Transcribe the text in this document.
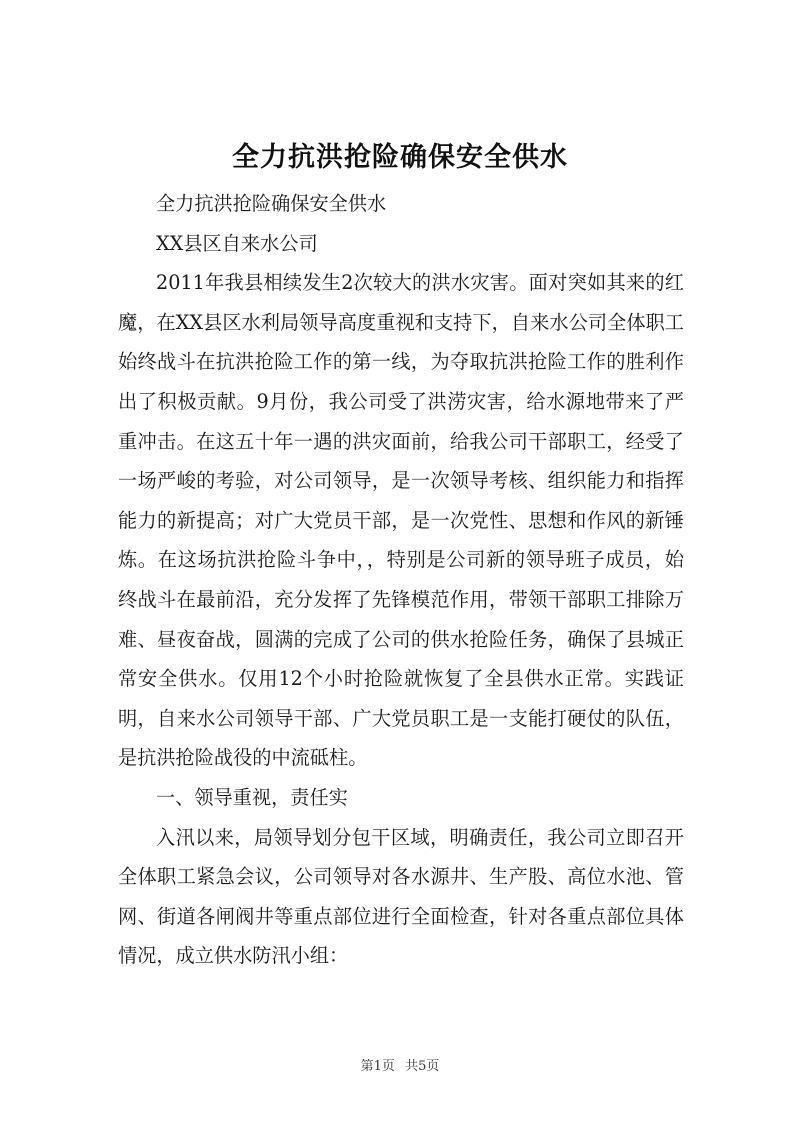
全力抗洪抢险确保安全供水

全力抗洪抢险确保安全供水

XX县区自来水公司

2011年我县相续发生2次较大的洪水灾害。面对突如其来的红魔，在XX县区水利局领导高度重视和支持下，自来水公司全体职工始终战斗在抗洪抢险工作的第一线，为夺取抗洪抢险工作的胜利作出了积极贡献。9月份，我公司受了洪涝灾害，给水源地带来了严重冲击。在这五十年一遇的洪灾面前，给我公司干部职工，经受了一场严峻的考验，对公司领导，是一次领导考核、组织能力和指挥能力的新提高；对广大党员干部，是一次党性、思想和作风的新锤炼。在这场抗洪抢险斗争中，，特别是公司新的领导班子成员，始终战斗在最前沿，充分发挥了先锋模范作用，带领干部职工排除万难、昼夜奋战，圆满的完成了公司的供水抢险任务，确保了县城正常安全供水。仅用12个小时抢险就恢复了全县供水正常。实践证明，自来水公司领导干部、广大党员职工是一支能打硬仗的队伍，是抗洪抢险战役的中流砥柱。

一、领导重视，责任实

入汛以来，局领导划分包干区域，明确责任，我公司立即召开全体职工紧急会议，公司领导对各水源井、生产股、高位水池、管网、街道各闸阀井等重点部位进行全面检查，针对各重点部位具体情况，成立供水防汛小组：

第1页 共5页
